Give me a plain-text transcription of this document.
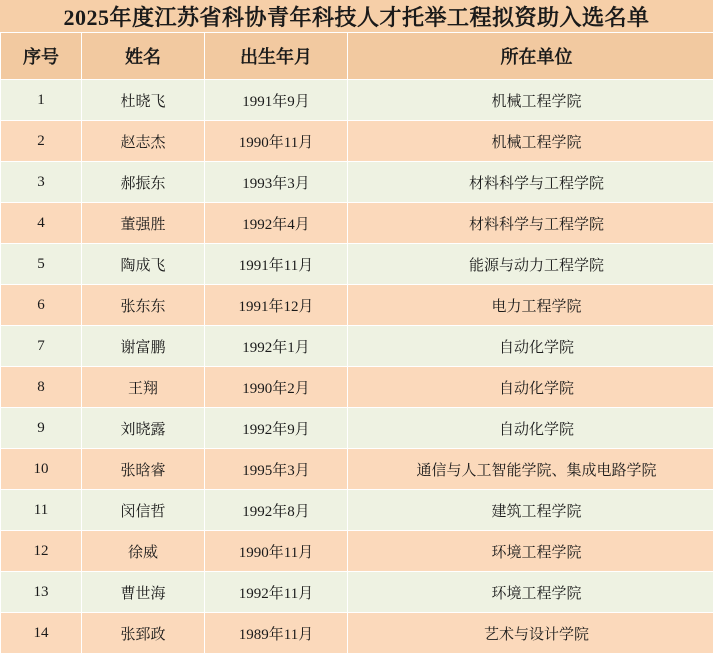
2025年度江苏省科协青年科技人才托举工程拟资助入选名单
序号	姓名	出生年月	所在单位
1	杜晓飞	1991年9月	机械工程学院
2	赵志杰	1990年11月	机械工程学院
3	郝振东	1993年3月	材料科学与工程学院
4	董强胜	1992年4月	材料科学与工程学院
5	陶成飞	1991年11月	能源与动力工程学院
6	张东东	1991年12月	电力工程学院
7	谢富鹏	1992年1月	自动化学院
8	王翔	1990年2月	自动化学院
9	刘晓露	1992年9月	自动化学院
10	张晗睿	1995年3月	通信与人工智能学院、集成电路学院
11	闵信哲	1992年8月	建筑工程学院
12	徐威	1990年11月	环境工程学院
13	曹世海	1992年11月	环境工程学院
14	张郅政	1989年11月	艺术与设计学院
